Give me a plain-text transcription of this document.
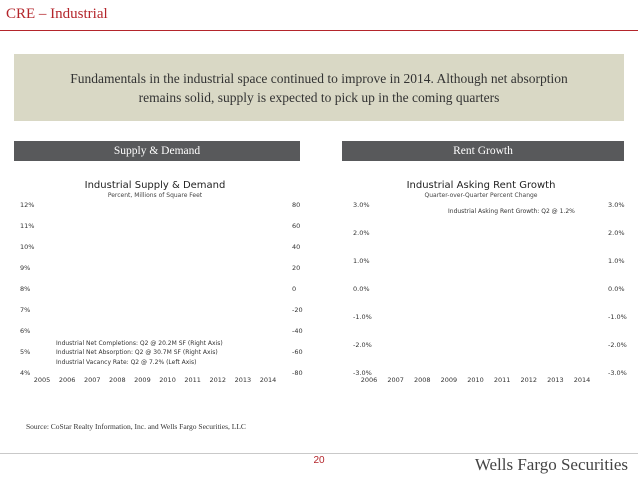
CRE – Industrial
Fundamentals in the industrial space continued to improve in 2014. Although net absorption remains solid, supply is expected to pick up in the coming quarters
Supply & Demand	Rent Growth
Industrial Supply & Demand
Percent, Millions of Square Feet
12%
11%
10%
9%
8%
7%
6%
5%
4%
80
60
40
20
0
-20
-40
-60
-80
2005 2006 2007 2008 2009 2010 2011 2012 2013 2014
Industrial Net Completions: Q2 @ 20.2M SF (Right Axis)
Industrial Net Absorption: Q2 @ 30.7M SF (Right Axis)
Industrial Vacancy Rate: Q2 @ 7.2% (Left Axis)
Industrial Asking Rent Growth
Quarter-over-Quarter Percent Change
3.0%
2.0%
1.0%
0.0%
-1.0%
-2.0%
-3.0%
3.0%
2.0%
1.0%
0.0%
-1.0%
-2.0%
-3.0%
2006 2007 2008 2009 2010 2011 2012 2013 2014
Industrial Asking Rent Growth: Q2 @ 1.2%
Source: CoStar Realty Information, Inc. and Wells Fargo Securities, LLC
20	Wells Fargo Securities
